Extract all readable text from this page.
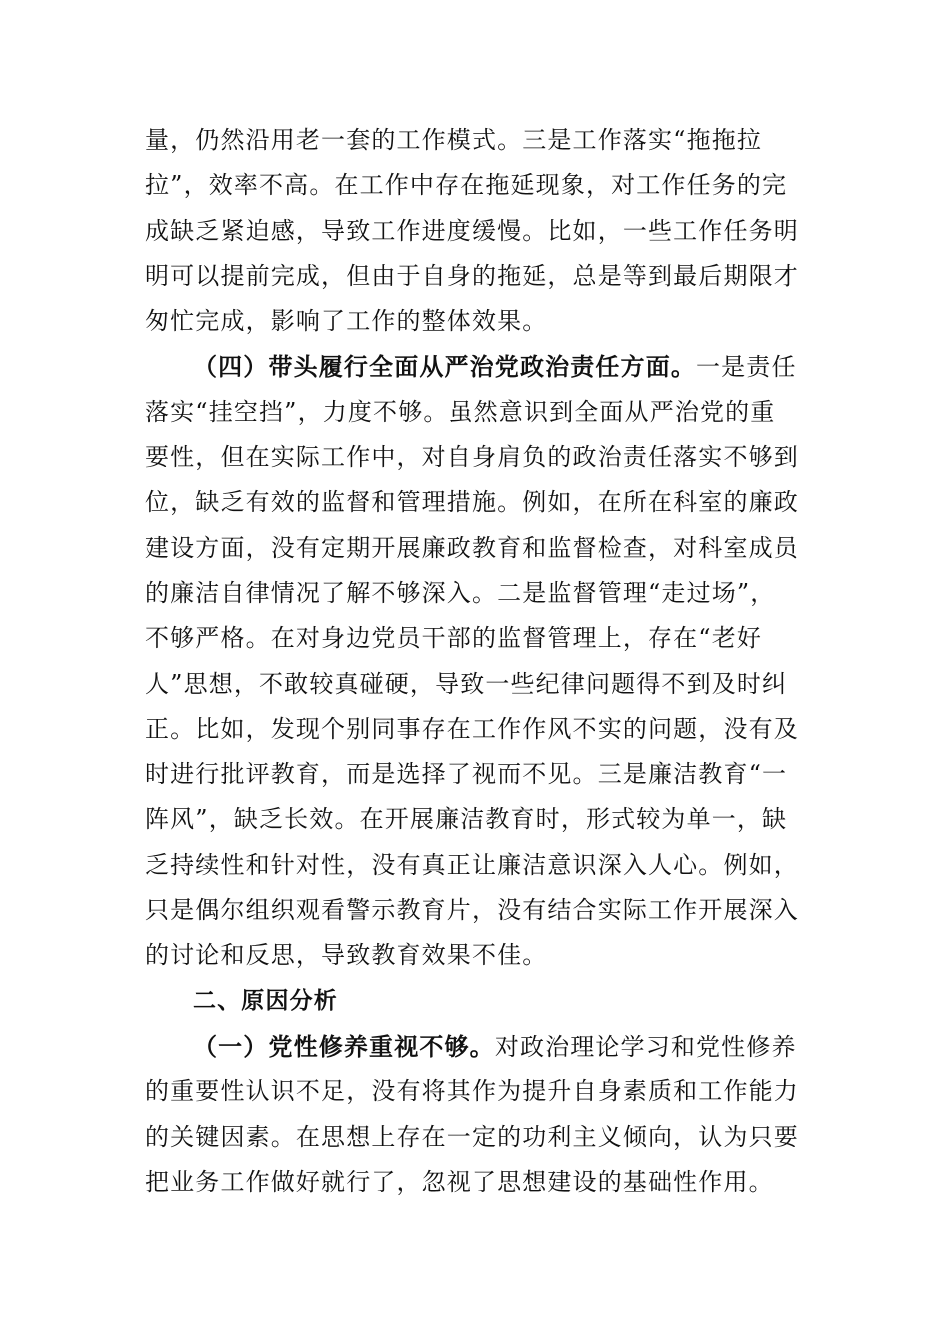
量，仍然沿用老一套的工作模式。三是工作落实“拖拖拉
拉”，效率不高。在工作中存在拖延现象，对工作任务的完
成缺乏紧迫感，导致工作进度缓慢。比如，一些工作任务明
明可以提前完成，但由于自身的拖延，总是等到最后期限才
匆忙完成，影响了工作的整体效果。
（四）带头履行全面从严治党政治责任方面。一是责任
落实“挂空挡”，力度不够。虽然意识到全面从严治党的重
要性，但在实际工作中，对自身肩负的政治责任落实不够到
位，缺乏有效的监督和管理措施。例如，在所在科室的廉政
建设方面，没有定期开展廉政教育和监督检查，对科室成员
的廉洁自律情况了解不够深入。二是监督管理“走过场”，
不够严格。在对身边党员干部的监督管理上，存在“老好
人”思想，不敢较真碰硬，导致一些纪律问题得不到及时纠
正。比如，发现个别同事存在工作作风不实的问题，没有及
时进行批评教育，而是选择了视而不见。三是廉洁教育“一
阵风”，缺乏长效。在开展廉洁教育时，形式较为单一，缺
乏持续性和针对性，没有真正让廉洁意识深入人心。例如，
只是偶尔组织观看警示教育片，没有结合实际工作开展深入
的讨论和反思，导致教育效果不佳。
二、原因分析
（一）党性修养重视不够。对政治理论学习和党性修养
的重要性认识不足，没有将其作为提升自身素质和工作能力
的关键因素。在思想上存在一定的功利主义倾向，认为只要
把业务工作做好就行了，忽视了思想建设的基础性作用。
